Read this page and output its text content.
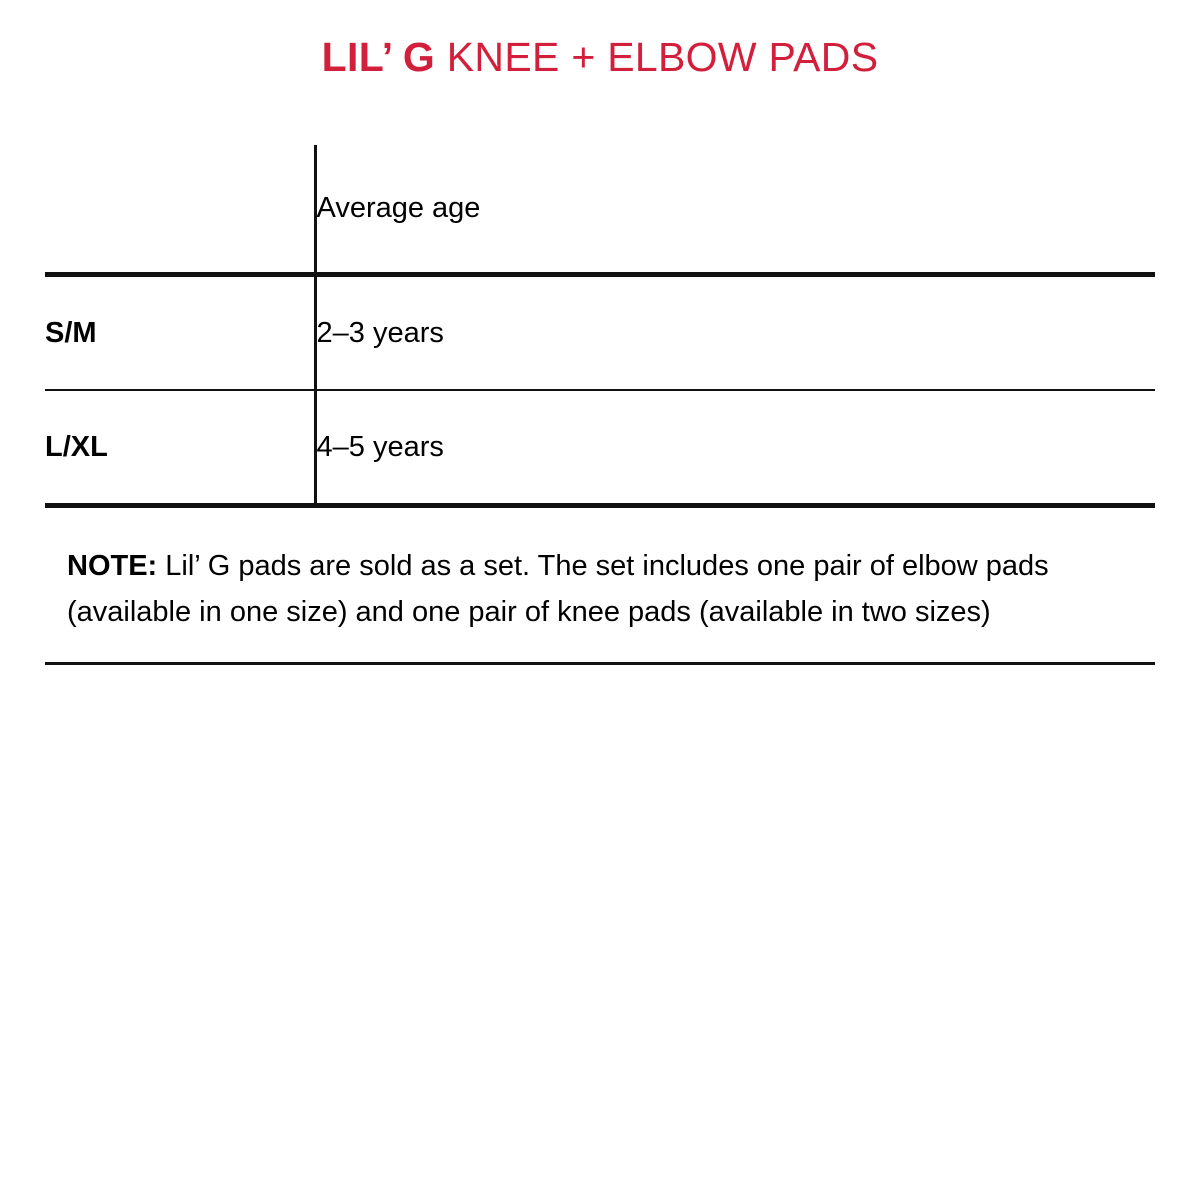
LIL’ G KNEE + ELBOW PADS
	Average age
S/M	2–3 years
L/XL	4–5 years
NOTE: Lil’ G pads are sold as a set. The set includes one pair of elbow pads (available in one size) and one pair of knee pads (available in two sizes)
